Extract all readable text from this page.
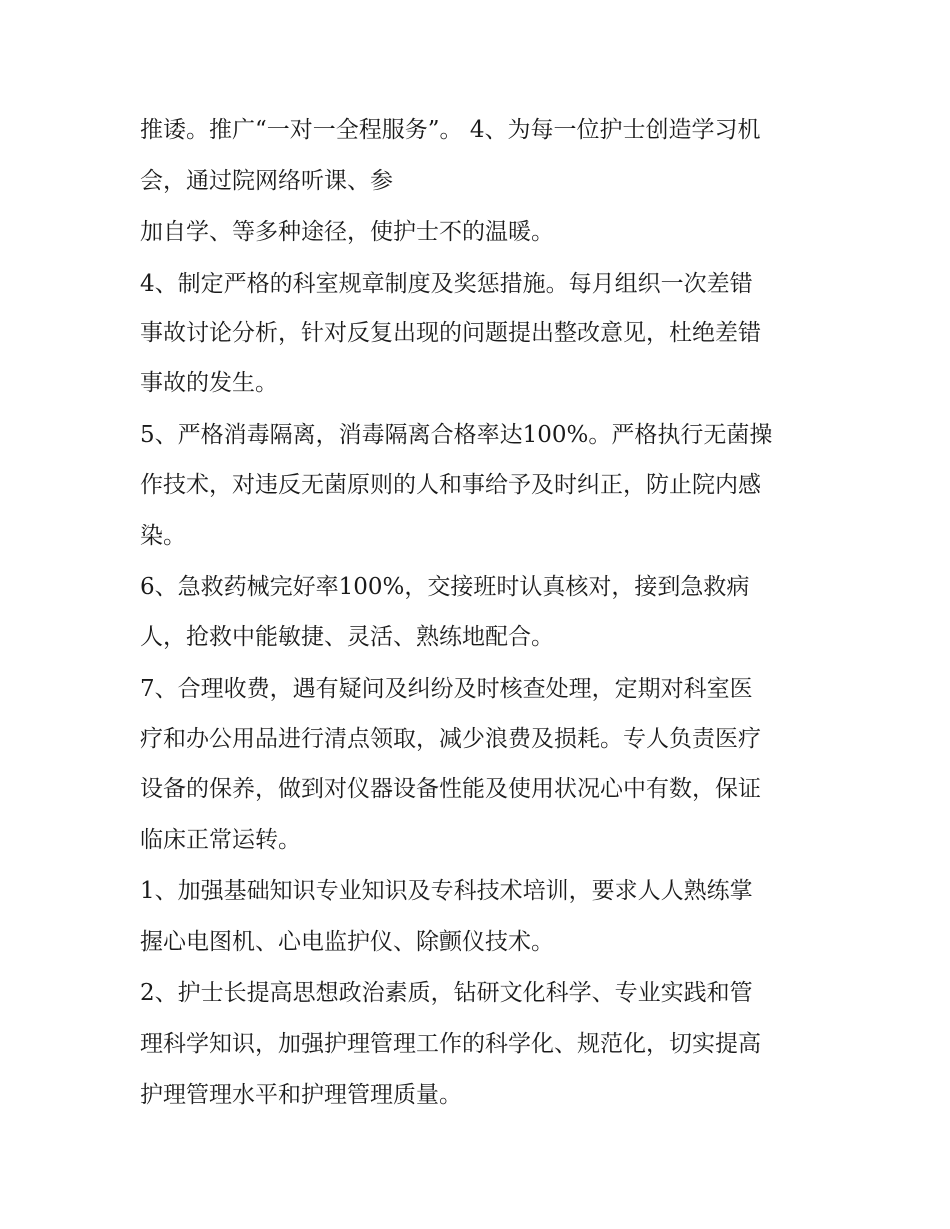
推诿。推广“一对一全程服务”。 4、为每一位护士创造学习机
会，通过院网络听课、参
加自学、等多种途径，使护士不的温暖。
4、制定严格的科室规章制度及奖惩措施。每月组织一次差错
事故讨论分析，针对反复出现的问题提出整改意见，杜绝差错
事故的发生。
5、严格消毒隔离，消毒隔离合格率达100%。严格执行无菌操
作技术，对违反无菌原则的人和事给予及时纠正，防止院内感
染。
6、急救药械完好率100%，交接班时认真核对，接到急救病
人，抢救中能敏捷、灵活、熟练地配合。
7、合理收费，遇有疑问及纠纷及时核查处理，定期对科室医
疗和办公用品进行清点领取，减少浪费及损耗。专人负责医疗
设备的保养，做到对仪器设备性能及使用状况心中有数，保证
临床正常运转。
1、加强基础知识专业知识及专科技术培训，要求人人熟练掌
握心电图机、心电监护仪、除颤仪技术。
2、护士长提高思想政治素质，钻研文化科学、专业实践和管
理科学知识，加强护理管理工作的科学化、规范化，切实提高
护理管理水平和护理管理质量。
